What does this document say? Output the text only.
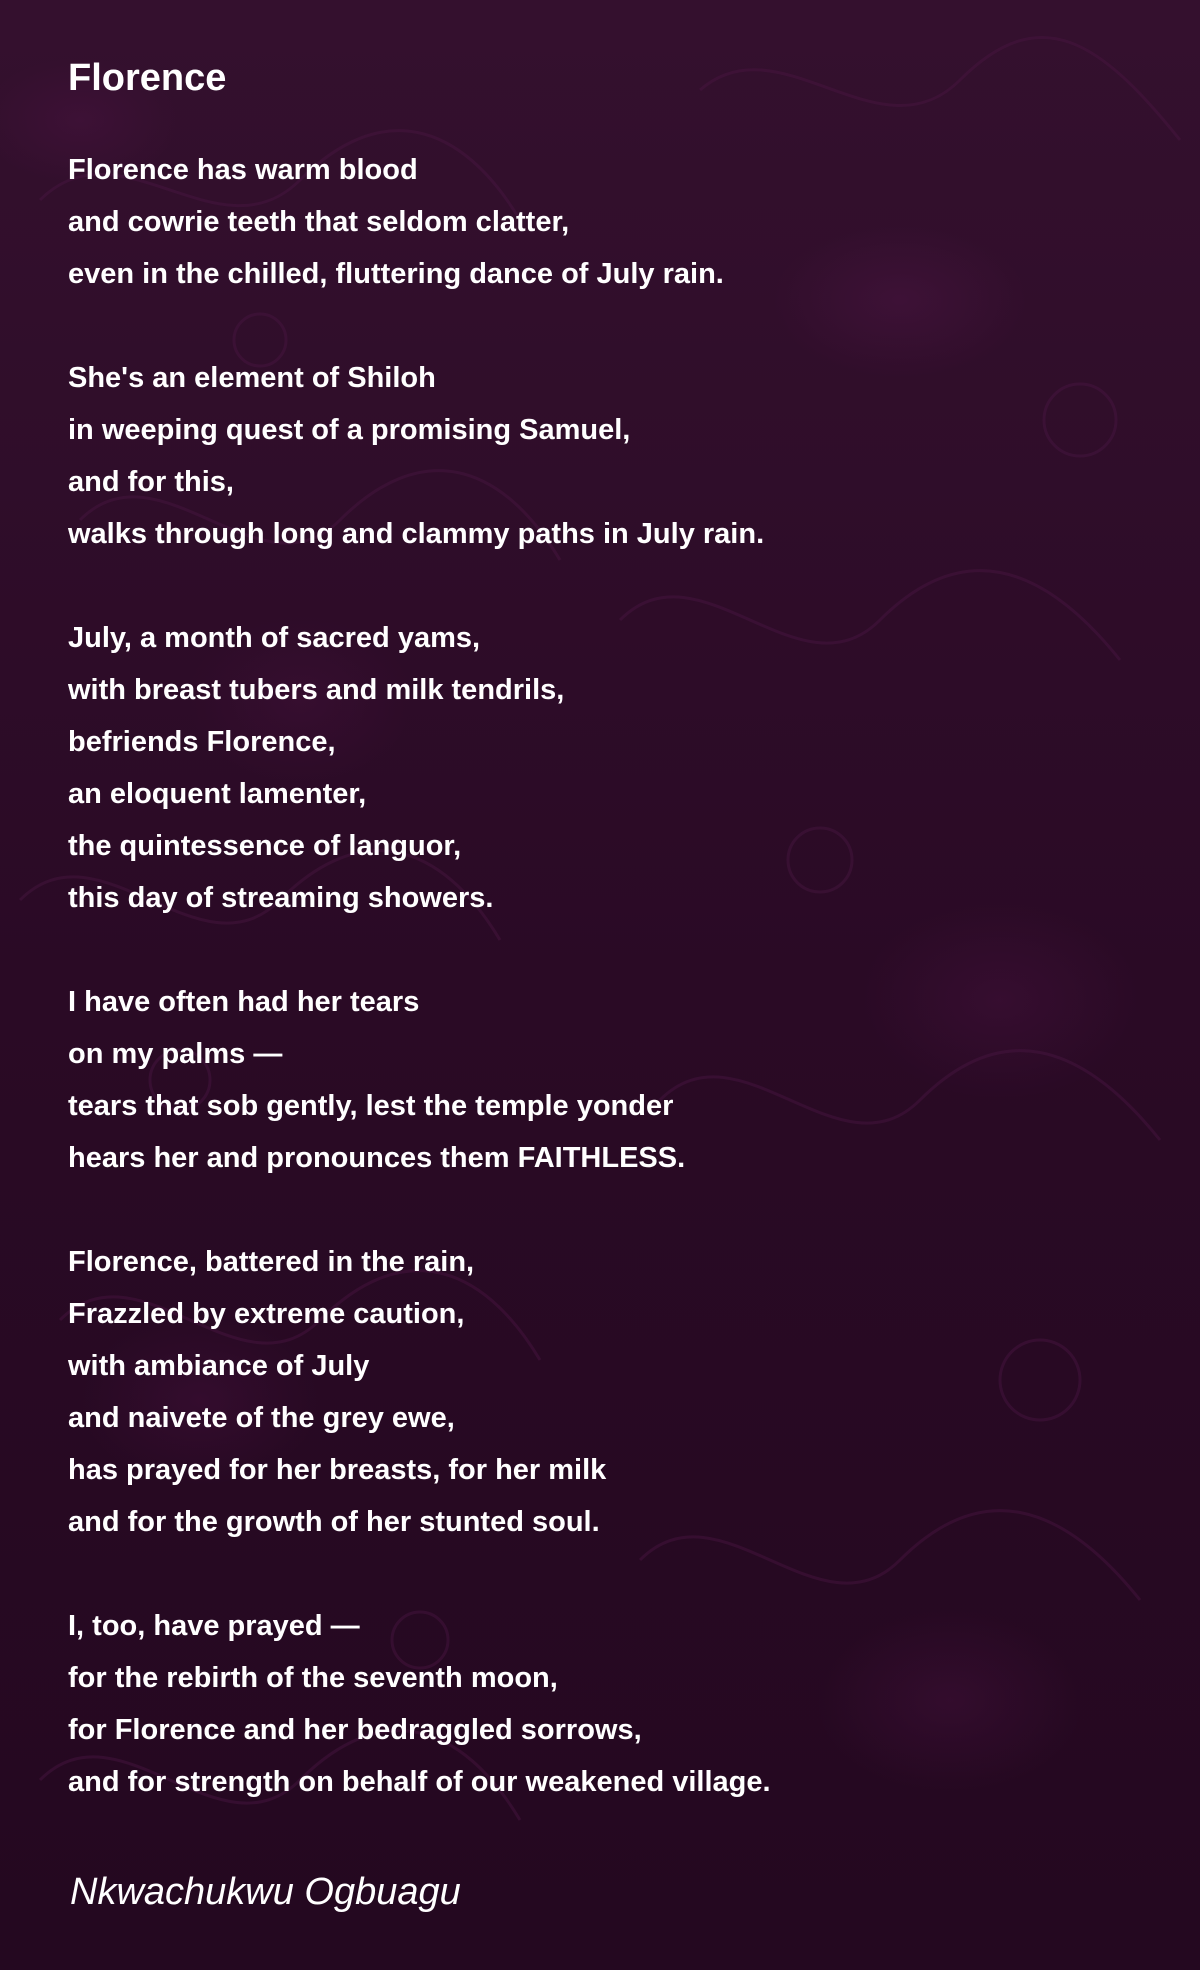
Florence
Florence has warm blood
and cowrie teeth that seldom clatter,
even in the chilled, fluttering dance of July rain.
She's an element of Shiloh
in weeping quest of a promising Samuel,
and for this,
walks through long and clammy paths in July rain.
July, a month of sacred yams,
with breast tubers and milk tendrils,
befriends Florence,
an eloquent lamenter,
the quintessence of languor,
this day of streaming showers.
I have often had her tears
on my palms —
tears that sob gently, lest the temple yonder
hears her and pronounces them FAITHLESS.
Florence, battered in the rain,
Frazzled by extreme caution,
with ambiance of July
and naivete of the grey ewe,
has prayed for her breasts, for her milk
and for the growth of her stunted soul.
I, too, have prayed —
for the rebirth of the seventh moon,
for Florence and her bedraggled sorrows,
and for strength on behalf of our weakened village.
Nkwachukwu Ogbuagu
